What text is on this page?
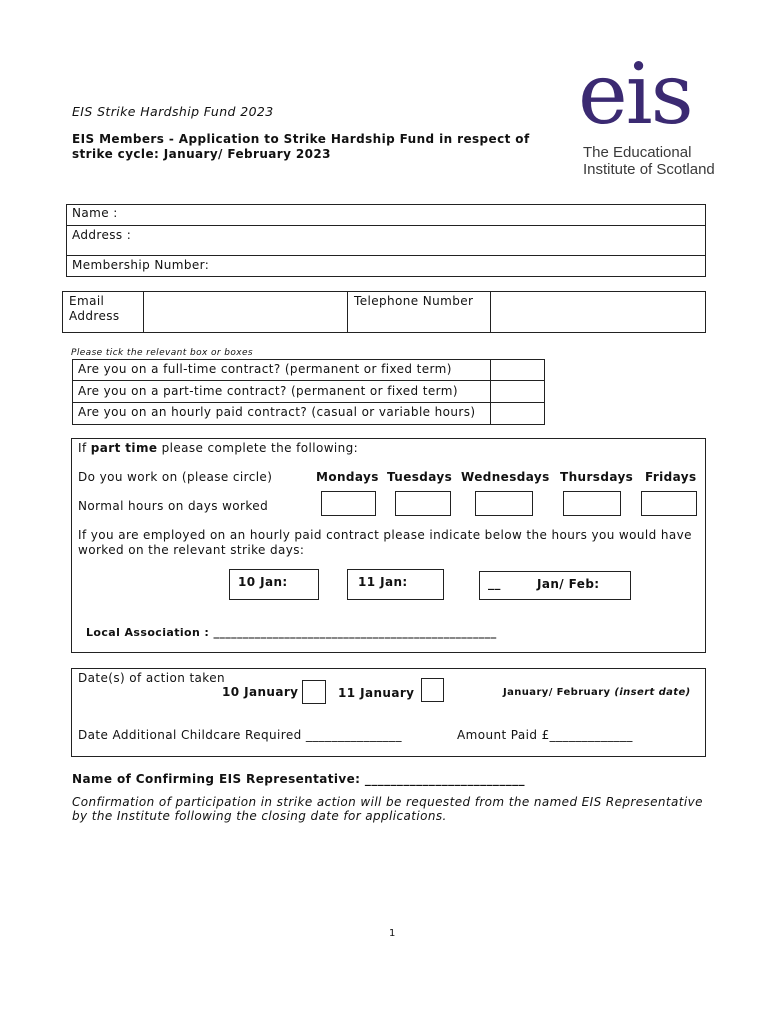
eis
The Educational
Institute of Scotland
EIS Strike Hardship Fund 2023
EIS Members - Application to Strike Hardship Fund in respect of
strike cycle: January/ February 2023
Name :
Address :
Membership Number:
Email
Address
Telephone Number
Please tick the relevant box or boxes
Are you on a full-time contract? (permanent or fixed term)
Are you on a part-time contract? (permanent or fixed term)
Are you on an hourly paid contract? (casual or variable hours)
If part time please complete the following:
Do you work on (please circle)	Mondays Tuesdays Wednesdays Thursdays Fridays
Normal hours on days worked
If you are employed on an hourly paid contract please indicate below the hours you would have
worked on the relevant strike days:
10 Jan:	11 Jan:	__	Jan/ Feb:
Local Association : ________________________________________________
Date(s) of action taken
10 January	11 January	January/ February (insert date)
Date Additional Childcare Required _______________	Amount Paid £_____________
Name of Confirming EIS Representative: _________________________
Confirmation of participation in strike action will be requested from the named EIS Representative
by the Institute following the closing date for applications.
1
